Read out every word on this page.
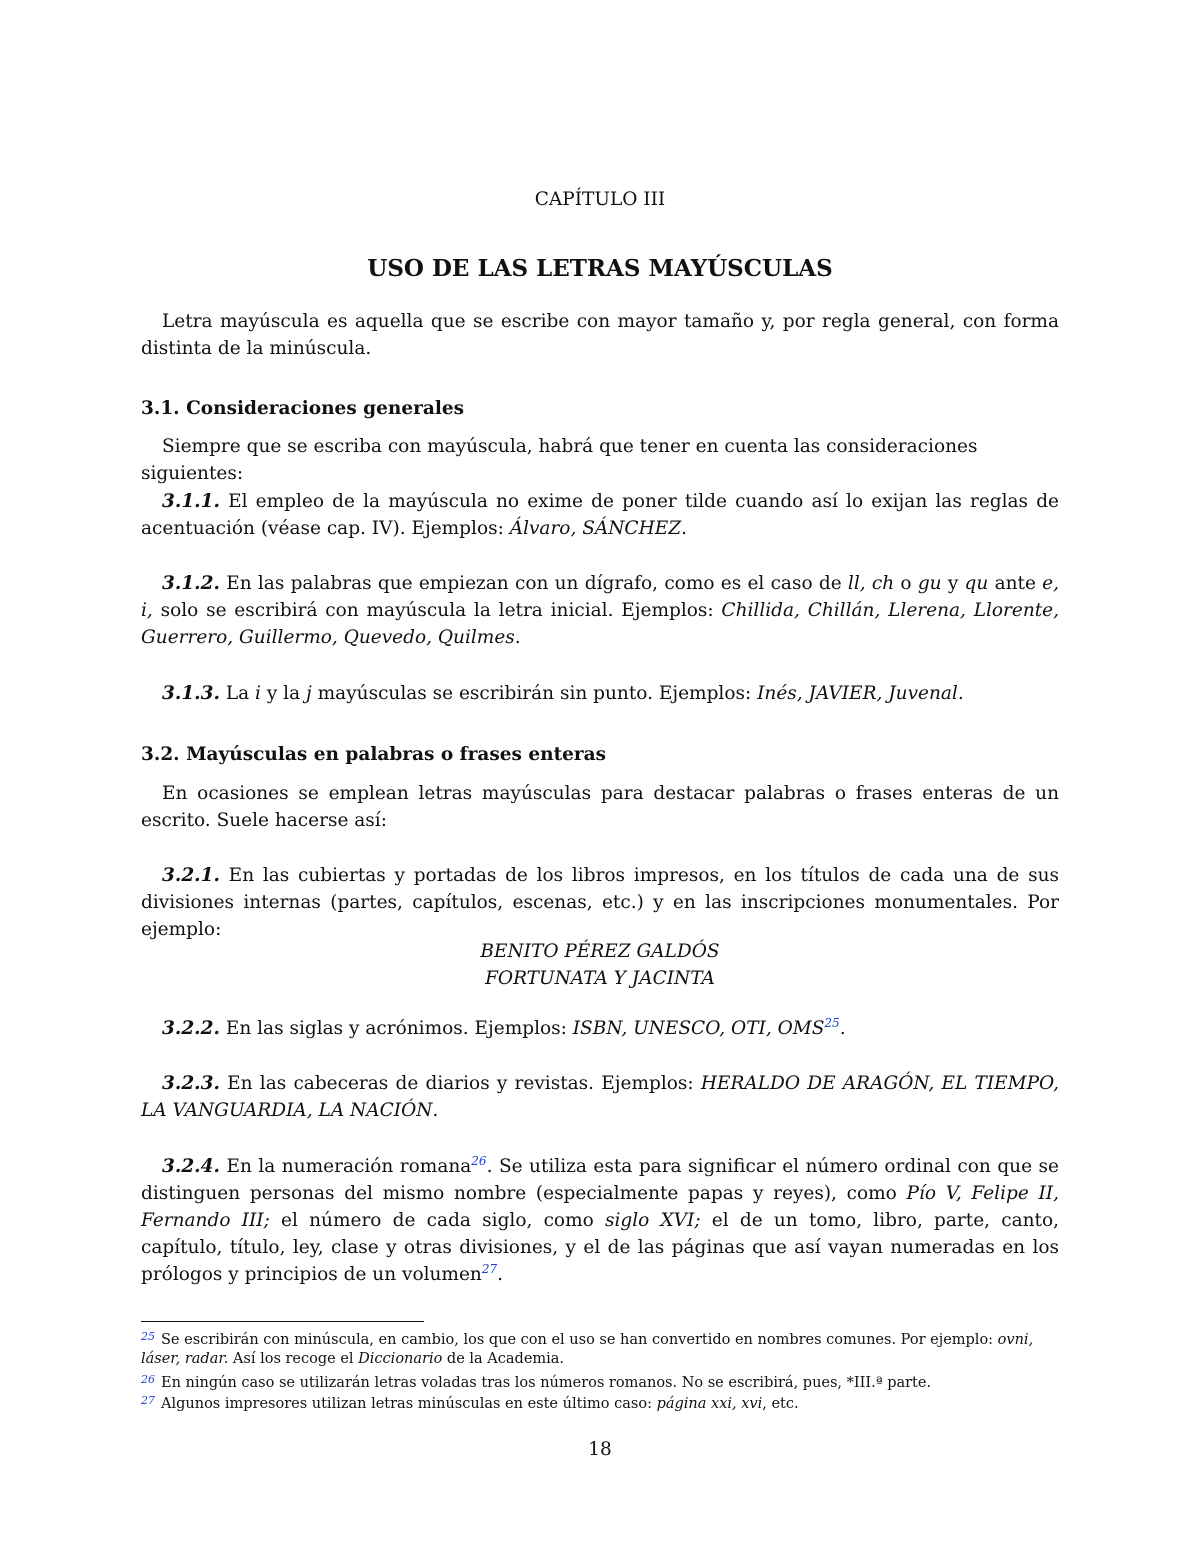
CAPÍTULO III

USO DE LAS LETRAS MAYÚSCULAS

Letra mayúscula es aquella que se escribe con mayor tamaño y, por regla general, con forma distinta de la minúscula.

3.1. Consideraciones generales

Siempre que se escriba con mayúscula, habrá que tener en cuenta las consideraciones siguientes:

3.1.1. El empleo de la mayúscula no exime de poner tilde cuando así lo exijan las reglas de acentuación (véase cap. IV). Ejemplos: Álvaro, SÁNCHEZ.

3.1.2. En las palabras que empiezan con un dígrafo, como es el caso de ll, ch o gu y qu ante e, i, solo se escribirá con mayúscula la letra inicial. Ejemplos: Chillida, Chillán, Llerena, Llorente, Guerrero, Guillermo, Quevedo, Quilmes.

3.1.3. La i y la j mayúsculas se escribirán sin punto. Ejemplos: Inés, JAVIER, Juvenal.

3.2. Mayúsculas en palabras o frases enteras

En ocasiones se emplean letras mayúsculas para destacar palabras o frases enteras de un escrito. Suele hacerse así:

3.2.1. En las cubiertas y portadas de los libros impresos, en los títulos de cada una de sus divisiones internas (partes, capítulos, escenas, etc.) y en las inscripciones monumentales. Por ejemplo:

BENITO PÉREZ GALDÓS
FORTUNATA Y JACINTA

3.2.2. En las siglas y acrónimos. Ejemplos: ISBN, UNESCO, OTI, OMS$^{25}$.

3.2.3. En las cabeceras de diarios y revistas. Ejemplos: HERALDO DE ARAGÓN, EL TIEMPO, LA VANGUARDIA, LA NACIÓN.

3.2.4. En la numeración romana$^{26}$. Se utiliza esta para significar el número ordinal con que se distinguen personas del mismo nombre (especialmente papas y reyes), como Pío V, Felipe II, Fernando III; el número de cada siglo, como siglo XVI; el de un tomo, libro, parte, canto, capítulo, título, ley, clase y otras divisiones, y el de las páginas que así vayan numeradas en los prólogos y principios de un volumen$^{27}$.

$^{25}$ Se escribirán con minúscula, en cambio, los que con el uso se han convertido en nombres comunes. Por ejemplo: ovni, láser, radar. Así los recoge el Diccionario de la Academia.

$^{26}$ En ningún caso se utilizarán letras voladas tras los números romanos. No se escribirá, pues, *III.ª parte.

$^{27}$ Algunos impresores utilizan letras minúsculas en este último caso: página xxi, xvi, etc.

18
